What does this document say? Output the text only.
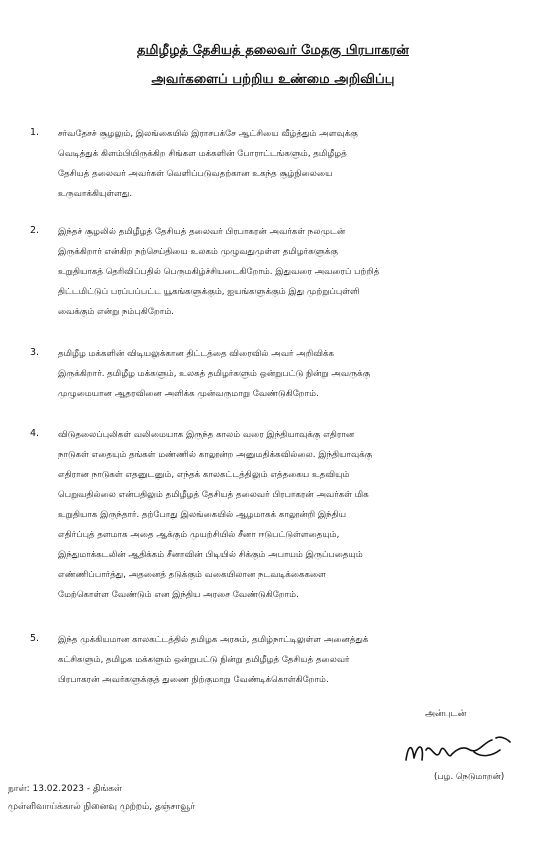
தமிழீழத் தேசியத் தலைவர் மேதகு பிரபாகரன்
அவர்களைப் பற்றிய உண்மை அறிவிப்பு
1.	சர்வதேசச் சூழலும், இலங்கையில் இராசபக்சே ஆட்சியை வீழ்த்தும் அளவுக்கு
வெடித்துக் கிளம்பியிருக்கிற சிங்கள மக்களின் போராட்டங்களும், தமிழீழத்
தேசியத் தலைவர் அவர்கள் வெளிப்படுவதற்கான உகந்த சூழ்நிலையை
உருவாக்கியுள்ளது.
2.	இந்தச் சூழலில் தமிழீழத் தேசியத் தலைவர் பிரபாகரன் அவர்கள் நலமுடன்
இருக்கிறார் என்கிற நற்செய்தியை உலகம் முழுவதுமுள்ள தமிழர்களுக்கு
உறுதியாகத் தெரிவிப்பதில் பெருமகிழ்ச்சியடைகிறோம். இதுவரை அவரைப் பற்றித்
திட்டமிட்டுப் பரப்பப்பட்ட யூகங்களுக்கும், ஐயங்களுக்கும் இது முற்றுப்புள்ளி
வைக்கும் என்று நம்புகிறோம்.
3.	தமிழீழ மக்களின் விடியலுக்கான திட்டத்தை விரைவில் அவர் அறிவிக்க
இருக்கிறார். தமிழீழ மக்களும், உலகத் தமிழர்களும் ஒன்றுபட்டு நின்று அவருக்கு
முழுமையான ஆதரவினை அளிக்க முன்வருமாறு வேண்டுகிறோம்.
4.	விடுதலைப்புலிகள் வலிமையாக இருந்த காலம் வரை இந்தியாவுக்கு எதிரான
நாடுகள் எதையும் தங்கள் மண்ணில் காலூன்ற அனுமதிக்கவில்லை. இந்தியாவுக்கு
எதிரான நாடுகள் எதனுடனும், எந்தக் காலகட்டத்திலும் எத்தகைய உதவியும்
பெறுவதில்லை என்பதிலும் தமிழீழத் தேசியத் தலைவர் பிரபாகரன் அவர்கள் மிக
உறுதியாக இருந்தார். தற்போது இலங்கையில் ஆழமாகக் காலூன்றி இந்திய
எதிர்ப்புத் தளமாக அதை ஆக்கும் முயற்சியில் சீனா ஈடுபட்டுள்ளதையும்,
இந்துமாக்கடலின் ஆதிக்கம் சீனாவின் பிடியில் சிக்கும் அபாயம் இருப்பதையும்
எண்ணிப்பார்த்து, அதனைத் தடுக்கும் வகையிலான நடவடிக்கைகளை
மேற்கொள்ள வேண்டும் என இந்திய அரசை வேண்டுகிறோம்.
5.	இந்த முக்கியமான காலகட்டத்தில் தமிழக அரசும், தமிழ்நாட்டிலுள்ள அனைத்துக்
கட்சிகளும், தமிழக மக்களும் ஒன்றுபட்டு நின்று தமிழீழத் தேசியத் தலைவர்
பிரபாகரன் அவர்களுக்குத் துணை நிற்குமாறு வேண்டிக்கொள்கிறோம்.
அன்புடன்
(பழ. நெடுமாறன்)
நாள்: 13.02.2023 - திங்கள்
முள்ளிவாய்க்கால் நினைவு முற்றம், தஞ்சாவூர்
